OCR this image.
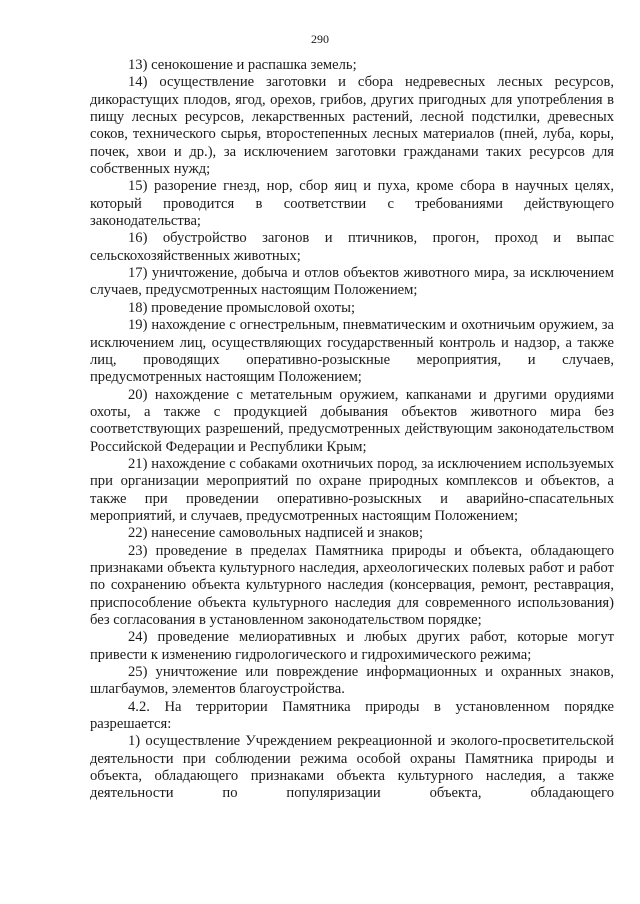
290

13) сенокошение и распашка земель;

14) осуществление заготовки и сбора недревесных лесных ресурсов, дикорастущих плодов, ягод, орехов, грибов, других пригодных для употребления в пищу лесных ресурсов, лекарственных растений, лесной подстилки, древесных соков, технического сырья, второстепенных лесных материалов (пней, луба, коры, почек, хвои и др.), за исключением заготовки гражданами таких ресурсов для собственных нужд;

15) разорение гнезд, нор, сбор яиц и пуха, кроме сбора в научных целях, который проводится в соответствии с требованиями действующего законодательства;

16) обустройство загонов и птичников, прогон, проход и выпас сельскохозяйственных животных;

17) уничтожение, добыча и отлов объектов животного мира, за исключением случаев, предусмотренных настоящим Положением;

18) проведение промысловой охоты;

19) нахождение с огнестрельным, пневматическим и охотничьим оружием, за исключением лиц, осуществляющих государственный контроль и надзор, а также лиц, проводящих оперативно-розыскные мероприятия, и случаев, предусмотренных настоящим Положением;

20) нахождение с метательным оружием, капканами и другими орудиями охоты, а также с продукцией добывания объектов животного мира без соответствующих разрешений, предусмотренных действующим законодательством Российской Федерации и Республики Крым;

21) нахождение с собаками охотничьих пород, за исключением используемых при организации мероприятий по охране природных комплексов и объектов, а также при проведении оперативно-розыскных и аварийно-спасательных мероприятий, и случаев, предусмотренных настоящим Положением;

22) нанесение самовольных надписей и знаков;

23) проведение в пределах Памятника природы и объекта, обладающего признаками объекта культурного наследия, археологических полевых работ и работ по сохранению объекта культурного наследия (консервация, ремонт, реставрация, приспособление объекта культурного наследия для современного использования) без согласования в установленном законодательством порядке;

24) проведение мелиоративных и любых других работ, которые могут привести к изменению гидрологического и гидрохимического режима;

25) уничтожение или повреждение информационных и охранных знаков, шлагбаумов, элементов благоустройства.

4.2. На территории Памятника природы в установленном порядке разрешается:

1) осуществление Учреждением рекреационной и эколого-просветительской деятельности при соблюдении режима особой охраны Памятника природы и объекта, обладающего признаками объекта культурного наследия, а также деятельности по популяризации объекта, обладающего
